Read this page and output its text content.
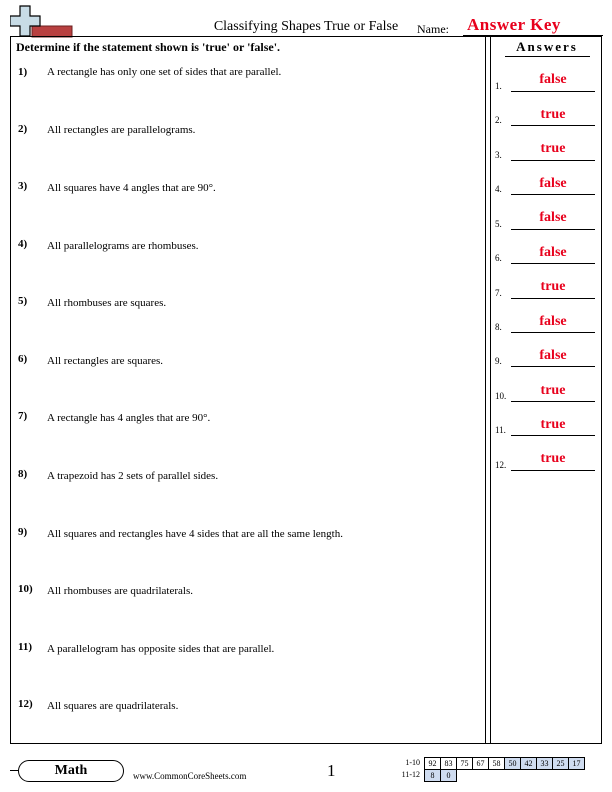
Classifying Shapes True or False	Name: Answer Key
Determine if the statement shown is 'true' or 'false'.	Answers
1)	A rectangle has only one set of sides that are parallel.
2)	All rectangles are parallelograms.
3)	All squares have 4 angles that are 90°.
4)	All parallelograms are rhombuses.
5)	All rhombuses are squares.
6)	All rectangles are squares.
7)	A rectangle has 4 angles that are 90°.
8)	A trapezoid has 2 sets of parallel sides.
9)	All squares and rectangles have 4 sides that are all the same length.
10)	All rhombuses are quadrilaterals.
11)	A parallelogram has opposite sides that are parallel.
12)	All squares are quadrilaterals.
1.	false
2.	true
3.	true
4.	false
5.	false
6.	false
7.	true
8.	false
9.	false
10.	true
11.	true
12.	true
Math	www.CommonCoreSheets.com	1	1-10 92	83	75	67	58	50	42	33	25	17
11-12 8	0
